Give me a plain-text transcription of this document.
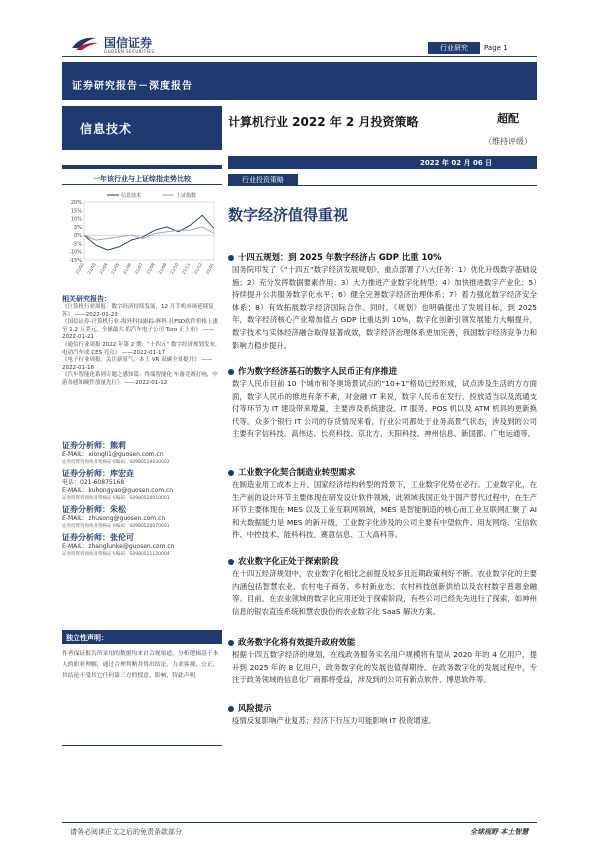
国信证券
GUOSEN SECURITIES	行业研究	Page 1
证券研究报告－深度报告
信息技术	计算机行业 2022 年 2 月投资策略	超配
（维持评级）
2022 年 02 月 06 日
一年该行业与上证综指走势比较
20%
15%
10%
5%
0%
-5%
-10%
-15%
21/02 21/03 21/04 21/05 21/06 21/07 21/08 21/09 21/10 21/11 21/12 22/01
信息技术	上证指数
相关研究报告：
《计算机行业周报：数字经济持续发展，12 月手机市场延续复苏》 ——2022-01-23
《国信证券-计算机行业-海外科技跟踪-辉科 社FSD软件价格上涨至 1.2 万美元，全球最大 的汽车电子公司 Turo 正上市》 ——2022-01-21
《通信行业周报 2022 年第 2 期：“十四五” 数字经济规划发布，电动汽车成 CES 亮点》 ——2022-01-17
《电子行业周报：关注新景气，本土 VR 双碳全景提升》 ——2022-01-16
《汽车智能化系列专题之感知篇：终端智能化 车备竞赛打响，中游各感知硬件放量先行》 ——2022-01-12
证券分析师：熊莉
E-MAIL：xiongli1@guosen.com.cn
证券投资咨询执业资格证书编码：S0980519030002
证券分析师：库宏垚
电话：021-60875168
E-MAIL：kuhongyao@guosen.com.cn
证券投资咨询执业资格证书编码：S0980520010001
证券分析师：朱松
E-MAIL：zhusong@guosen.com.cn
证券投资咨询执业资格证书编码：S0980520070001
证券分析师：张伦可
E-MAIL：zhanglunke@guosen.com.cn
证券投资咨询执业资格证书编码：S0980521120004
独立性声明：
作者保证报告所采用的数据均来自合规渠道，分析逻辑基于本人的职业理解，通过合理判断并得出结论，力求客观、公正，其结论不受其它任何第三方的授意、影响，特此声明
行业投资策略
数字经济值得重视
十四五规划：到 2025 年数字经济占 GDP 比重 10%
国务院印发了《“十四五”数字经济发展规划》，重点部署了八大任务：1）优化升级数字基础设施；2）充分发挥数据要素作用；3）大力推进产业数字化转型；4）加快推进数字产业化；5）持续提升公共服务数字化水平；6）健全完善数字经济治理体系；7）着力强化数字经济安全体系；8）有效拓展数字经济国际合作。同时，《规划》也明确提出了发展目标，到 2025 年，数字经济核心产业增加值占 GDP 比重达到 10%，数字化创新引领发展能力大幅提升，数字技术与实体经济融合取得显著成效，数字经济治理体系更加完善，我国数字经济竞争力和影响力稳步提升。
作为数字经济基石的数字人民币正有序推进
数字人民币目前 10 个城市和冬奥场景试点的“10+1”格局已经形成，试点涉及生活的方方面面，数字人民币的推进有条不紊，对金融 IT 来说，数字人民币在发行、投放适当以及流通支付等环节为 IT 建设带来增量，主要涉及系统建设、IT 服务、POS 机以及 ATM 机具的更新换代等。众多个银行 IT 公司的存货情况来看，行业公司都处于业务高景气状态，涉及到的公司主要有字信科技、高伟达、长亮科技、京北方、天阳科技、神州信息、新国都、广电运通等。
工业数字化契合制造业转型需求
在制造业用工成本上升、国家经济结构转型的背景下，工业数字化势在必行。工业数字化，在生产前的设计环节主要体现在研发设计软件领域，此领域我国正处于国产替代过程中，在生产环节主要体现在 MES 以及工业互联网领域，MES 是智能制造的核心而工业互联网汇聚了 AI 和大数据能力是 MES 的新升级，工业数字化涉及的公司主要有中望软件、用友网络、宝信软件、中控技术、能科科技、赛意信息、工大高科等。
农业数字化正处于探索阶段
在十四五经济规划中，农业数字化相比之前提及较多且近期政策利好不断。农业数字化的主要内涵包括智慧农业、农村电子商务、乡村新业态、农村科技创新供给以及农村数字普惠金融等。目前，在农业领域的数字化应用还处于探索阶段，有些公司已经先先进行了探索，如神州信息的银农直连系统和慧农股份的农业数字化 SaaS 解决方案。
政务数字化将有效提升政府效能
根据十四五数字经济的规划，在线政务服务实名用户规模将有望从 2020 年的 4 亿用户，提升到 2025 年的 8 亿用户，政务数字化的发展也值得期待。在政务数字化的发展过程中，专注于政务领域的信息化厂商都将受益，涉及到的公司有新点软件、博思软件等。
风险提示
疫情反复影响产业复苏；经济下行压力可能影响 IT 投资增速。
请务必阅读正文之后的免责条款部分	全球视野 本土智慧
